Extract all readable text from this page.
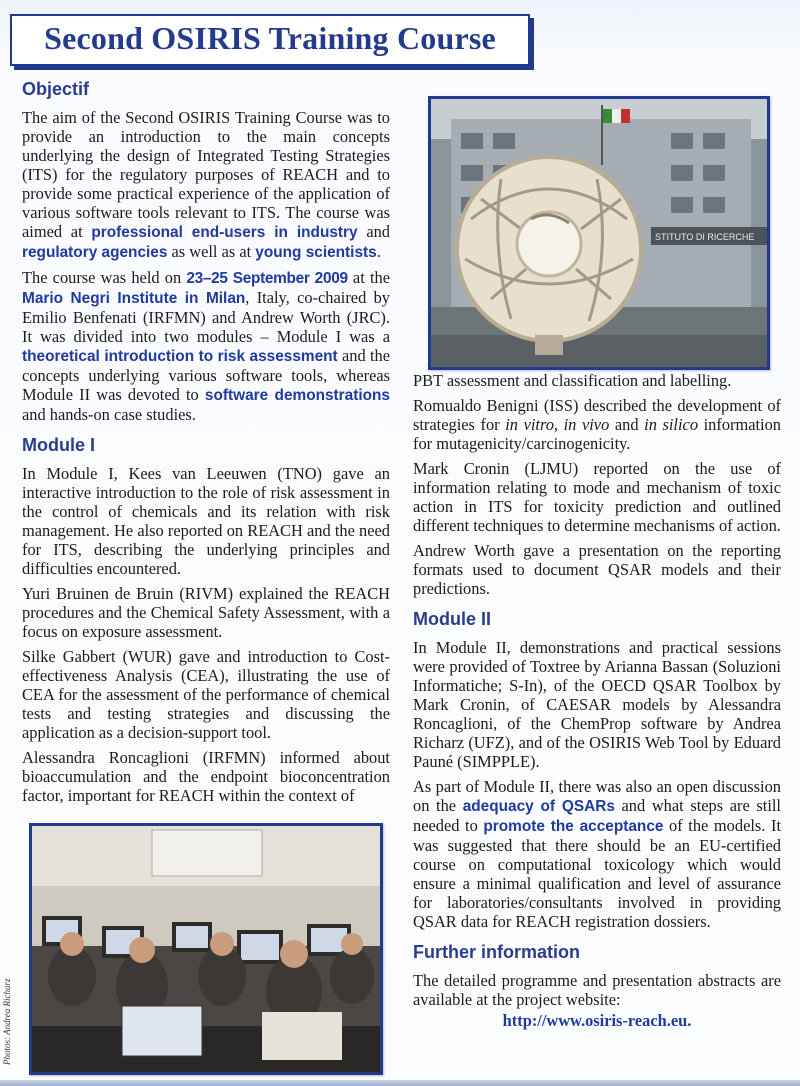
Second OSIRIS Training Course
Objectif

The aim of the Second OSIRIS Training Course was to provide an introduction to the main concepts underlying the design of Integrated Testing Strategies (ITS) for the regulatory purposes of REACH and to provide some practical experience of the application of various software tools relevant to ITS. The course was aimed at professional end-users in industry and regulatory agencies as well as at young scientists.

The course was held on 23–25 September 2009 at the Mario Negri Institute in Milan, Italy, co-chaired by Emilio Benfenati (IRFMN) and Andrew Worth (JRC). It was divided into two modules – Module I was a theoretical introduction to risk assessment and the concepts underlying various software tools, whereas Module II was devoted to software demonstrations and hands-on case studies.

Module I

In Module I, Kees van Leeuwen (TNO) gave an interactive introduction to the role of risk assessment in the control of chemicals and its relation with risk management. He also reported on REACH and the need for ITS, describing the underlying principles and difficulties encountered.

Yuri Bruinen de Bruin (RIVM) explained the REACH procedures and the Chemical Safety Assessment, with a focus on exposure assessment.

Silke Gabbert (WUR) gave and introduction to Cost-effectiveness Analysis (CEA), illustrating the use of CEA for the assessment of the performance of chemical tests and testing strategies and discussing the application as a decision-support tool.

Alessandra Roncaglioni (IRFMN) informed about bioaccumulation and the endpoint bioconcentration factor, important for REACH within the context of

STITUTO DI RICERCHE

PBT assessment and classification and labelling.

Romualdo Benigni (ISS) described the development of strategies for in vitro, in vivo and in silico information for mutagenicity/carcinogenicity.

Mark Cronin (LJMU) reported on the use of information relating to mode and mechanism of toxic action in ITS for toxicity prediction and outlined different techniques to determine mechanisms of action.

Andrew Worth gave a presentation on the reporting formats used to document QSAR models and their predictions.

Module II

In Module II, demonstrations and practical sessions were provided of Toxtree by Arianna Bassan (Soluzioni Informatiche; S-In), of the OECD QSAR Toolbox by Mark Cronin, of CAESAR models by Alessandra Roncaglioni, of the ChemProp software by Andrea Richarz (UFZ), and of the OSIRIS Web Tool by Eduard Pauné (SIMPPLE).

As part of Module II, there was also an open discussion on the adequacy of QSARs and what steps are still needed to promote the acceptance of the models. It was suggested that there should be an EU-certified course on computational toxicology which would ensure a minimal qualification and level of assurance for laboratories/consultants involved in providing QSAR data for REACH registration dossiers.

Further information

The detailed programme and presentation abstracts are available at the project website:

http://www.osiris-reach.eu.
Photos: Andrea Richarz
